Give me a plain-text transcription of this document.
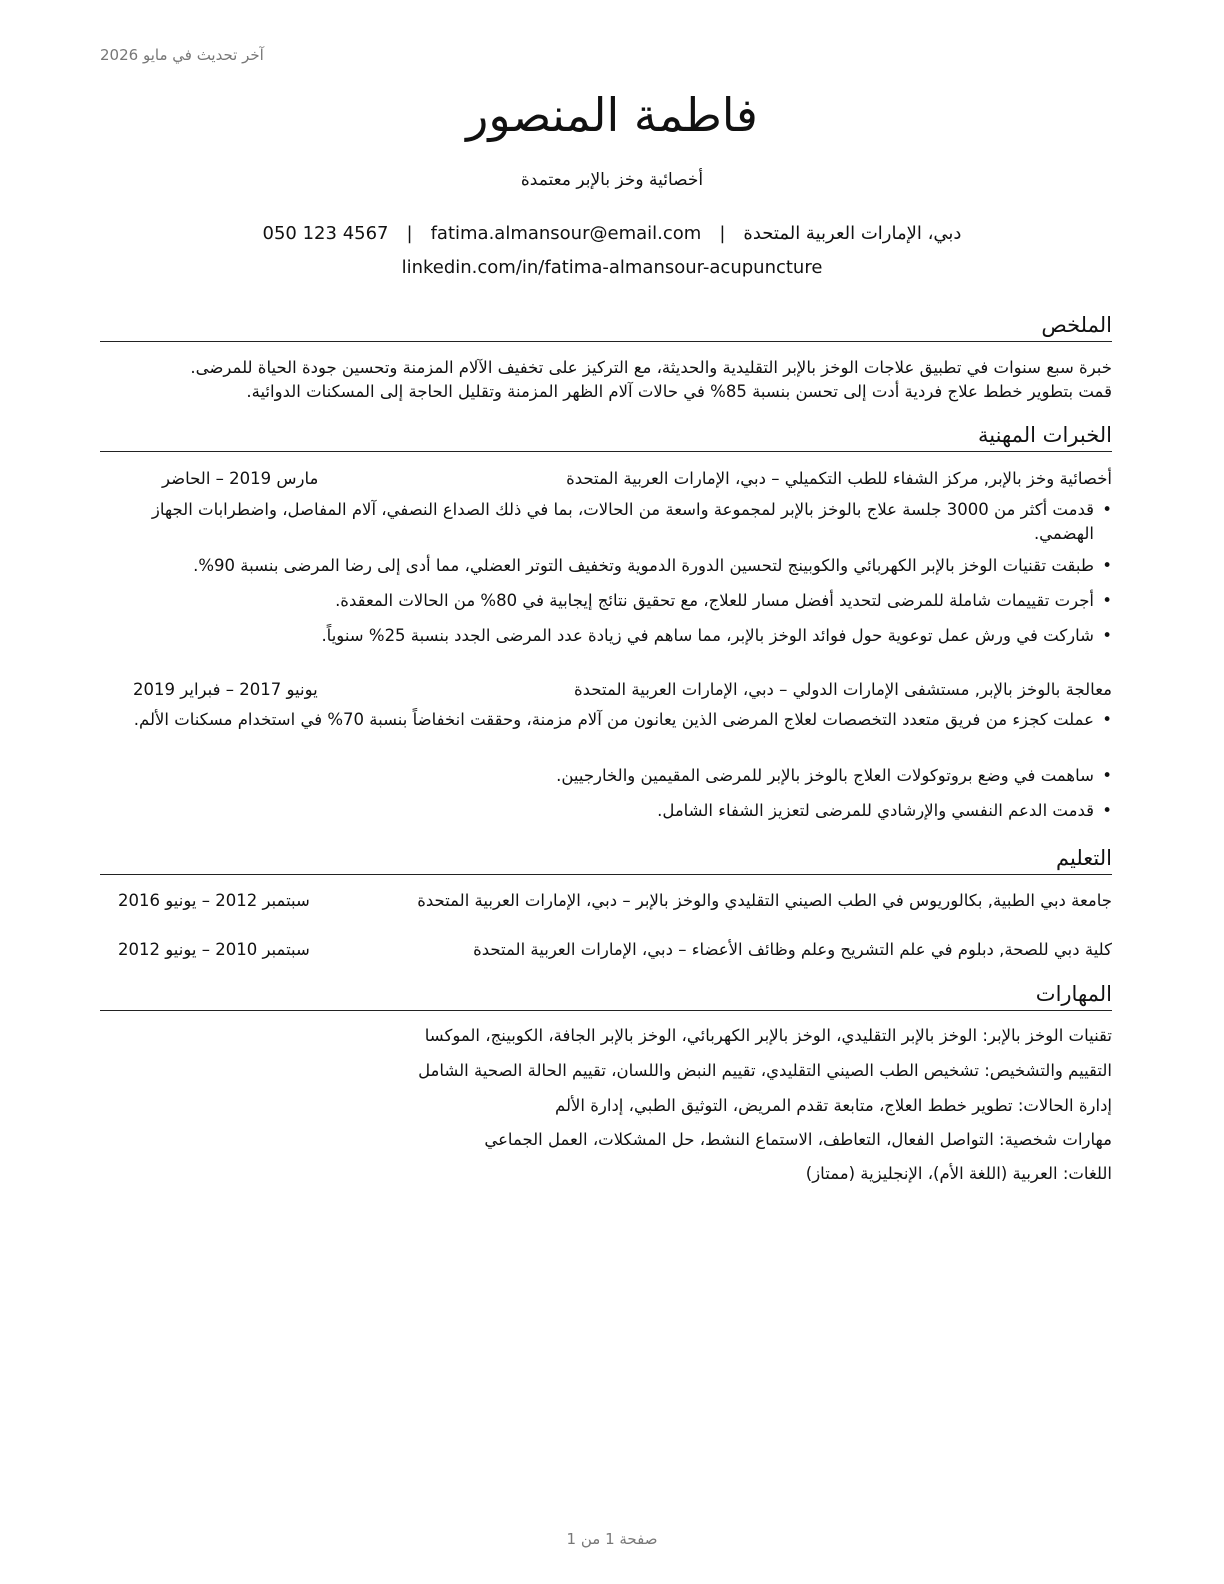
آخر تحديث في مايو 2026
فاطمة المنصور
أخصائية وخز بالإبر معتمدة
دبي، الإمارات العربية المتحدة|fatima.almansour@email.com|050 123 4567
linkedin.com/in/fatima-almansour-acupuncture
الملخص
خبرة سبع سنوات في تطبيق علاجات الوخز بالإبر التقليدية والحديثة، مع التركيز على تخفيف الآلام المزمنة وتحسين جودة الحياة للمرضى.
قمت بتطوير خطط علاج فردية أدت إلى تحسن بنسبة 85% في حالات آلام الظهر المزمنة وتقليل الحاجة إلى المسكنات الدوائية.
الخبرات المهنية
أخصائية وخز بالإبر, مركز الشفاء للطب التكميلي – دبي، الإمارات العربية المتحدة
مارس 2019 – الحاضر
• قدمت أكثر من 3000 جلسة علاج بالوخز بالإبر لمجموعة واسعة من الحالات، بما في ذلك الصداع النصفي، آلام المفاصل، واضطرابات الجهاز الهضمي.
• طبقت تقنيات الوخز بالإبر الكهربائي والكوبينج لتحسين الدورة الدموية وتخفيف التوتر العضلي، مما أدى إلى رضا المرضى بنسبة 90%.
• أجرت تقييمات شاملة للمرضى لتحديد أفضل مسار للعلاج، مع تحقيق نتائج إيجابية في 80% من الحالات المعقدة.
• شاركت في ورش عمل توعوية حول فوائد الوخز بالإبر، مما ساهم في زيادة عدد المرضى الجدد بنسبة 25% سنوياً.
معالجة بالوخز بالإبر, مستشفى الإمارات الدولي – دبي، الإمارات العربية المتحدة
يونيو 2017 – فبراير 2019
• عملت كجزء من فريق متعدد التخصصات لعلاج المرضى الذين يعانون من آلام مزمنة، وحققت انخفاضاً بنسبة 70% في استخدام مسكنات الألم.
• ساهمت في وضع بروتوكولات العلاج بالوخز بالإبر للمرضى المقيمين والخارجيين.
• قدمت الدعم النفسي والإرشادي للمرضى لتعزيز الشفاء الشامل.
التعليم
جامعة دبي الطبية, بكالوريوس في الطب الصيني التقليدي والوخز بالإبر – دبي، الإمارات العربية المتحدة
سبتمبر 2012 – يونيو 2016
كلية دبي للصحة, دبلوم في علم التشريح وعلم وظائف الأعضاء – دبي، الإمارات العربية المتحدة
سبتمبر 2010 – يونيو 2012
المهارات
تقنيات الوخز بالإبر: الوخز بالإبر التقليدي، الوخز بالإبر الكهربائي، الوخز بالإبر الجافة، الكوبينج، الموكسا
التقييم والتشخيص: تشخيص الطب الصيني التقليدي، تقييم النبض واللسان، تقييم الحالة الصحية الشامل
إدارة الحالات: تطوير خطط العلاج، متابعة تقدم المريض، التوثيق الطبي، إدارة الألم
مهارات شخصية: التواصل الفعال، التعاطف، الاستماع النشط، حل المشكلات، العمل الجماعي
اللغات: العربية (اللغة الأم)، الإنجليزية (ممتاز)
صفحة 1 من 1
